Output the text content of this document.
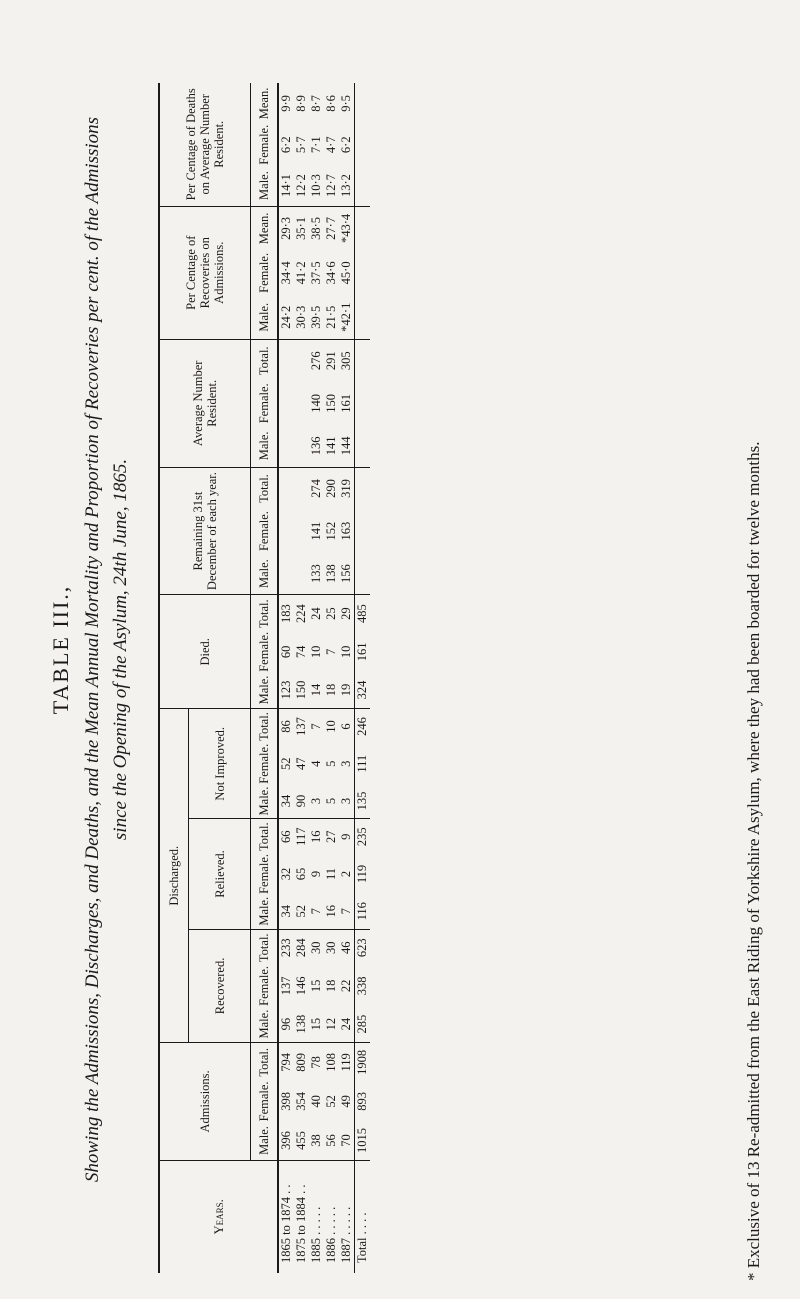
TABLE III., Showing the Admissions, Discharges, and Deaths, and the Mean Annual Mortality and Proportion of Recoveries per cent. of the Admissions since the Opening of the Asylum, 24th June, 1865.
Years.	Admissions.			Discharged.									Died.			Remaining 31st December of each year.			Average Number Resident.			Per Centage of Recoveries on Admissions.			Per Centage of Deaths on Average Number Resident.		
				Recovered.			Relieved.			Not Improved.																	
	Male.	Female.	Total.	Male.	Female.	Total.	Male.	Female.	Total.	Male.	Female.	Total.	Male.	Female.	Total.	Male.	Female.	Total.	Male.	Female.	Total.	Male.	Female.	Mean.	Male.	Female.	Mean.
1865 to 1874 . .	396	398	794	96	137	233	34	32	66	34	52	86	123	60	183							24·2	34·4	29·3	14·1	6·2	9·9
1875 to 1884 . .	455	354	809	138	146	284	52	65	117	90	47	137	150	74	224							30·3	41·2	35·1	12·2	5·7	8·9
1885 . . . . .	38	40	78	15	15	30	7	9	16	3	4	7	14	10	24	133	141	274	136	140	276	39·5	37·5	38·5	10·3	7·1	8·7
1886 . . . . .	56	52	108	12	18	30	16	11	27	5	5	10	18	7	25	138	152	290	141	150	291	21·5	34·6	27·7	12·7	4·7	8·6
1887 . . . . .	70	49	119	24	22	46	7	2	9	3	3	6	19	10	29	156	163	319	144	161	305	*42·1	45·0	*43·4	13·2	6·2	9·5
Total . . . .	1015	893	1908	285	338	623	116	119	235	135	111	246	324	161	485													* Exclusive of 13 Re-admitted from the East Riding of Yorkshire Asylum, where they had been boarded for twelve months.
